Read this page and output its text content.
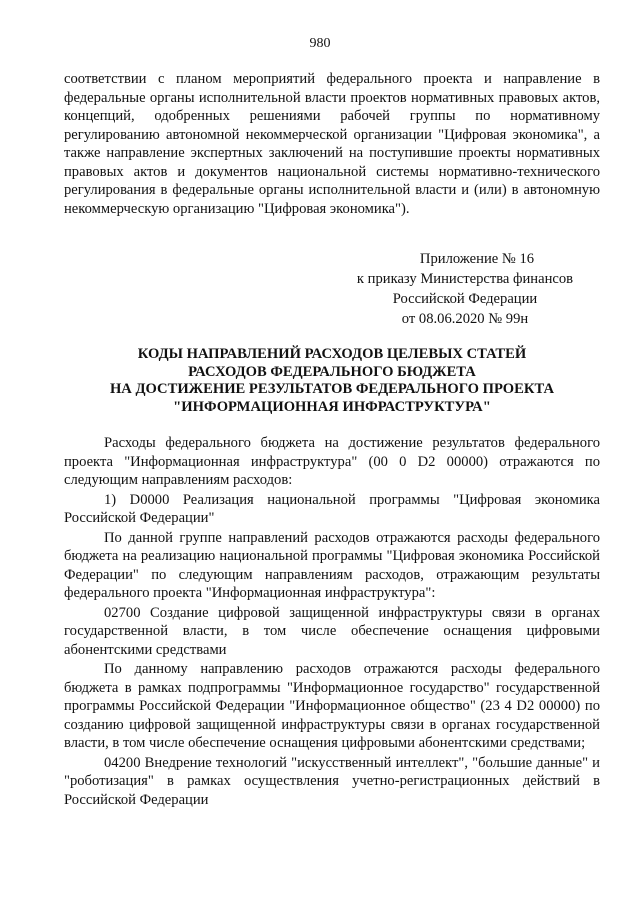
980

соответствии с планом мероприятий федерального проекта и направление в федеральные органы исполнительной власти проектов нормативных правовых актов, концепций, одобренных решениями рабочей группы по нормативному регулированию автономной некоммерческой организации "Цифровая экономика", а также направление экспертных заключений на поступившие проекты нормативных правовых актов и документов национальной системы нормативно-технического регулирования в федеральные органы исполнительной власти и (или) в автономную некоммерческую организацию "Цифровая экономика").

Приложение № 16
к приказу Министерства финансов
Российской Федерации
от 08.06.2020 № 99н
КОДЫ НАПРАВЛЕНИЙ РАСХОДОВ ЦЕЛЕВЫХ СТАТЕЙ
РАСХОДОВ ФЕДЕРАЛЬНОГО БЮДЖЕТА
НА ДОСТИЖЕНИЕ РЕЗУЛЬТАТОВ ФЕДЕРАЛЬНОГО ПРОЕКТА
"ИНФОРМАЦИОННАЯ ИНФРАСТРУКТУРА"

Расходы федерального бюджета на достижение результатов федерального проекта "Информационная инфраструктура" (00 0 D2 00000) отражаются по следующим направлениям расходов:

1) D0000 Реализация национальной программы "Цифровая экономика Российской Федерации"

По данной группе направлений расходов отражаются расходы федерального бюджета на реализацию национальной программы "Цифровая экономика Российской Федерации" по следующим направлениям расходов, отражающим результаты федерального проекта "Информационная инфраструктура":

02700 Создание цифровой защищенной инфраструктуры связи в органах государственной власти, в том числе обеспечение оснащения цифровыми абонентскими средствами

По данному направлению расходов отражаются расходы федерального бюджета в рамках подпрограммы "Информационное государство" государственной программы Российской Федерации "Информационное общество" (23 4 D2 00000) по созданию цифровой защищенной инфраструктуры связи в органах государственной власти, в том числе обеспечение оснащения цифровыми абонентскими средствами;

04200 Внедрение технологий "искусственный интеллект", "большие данные" и "роботизация" в рамках осуществления учетно-регистрационных действий в Российской Федерации
